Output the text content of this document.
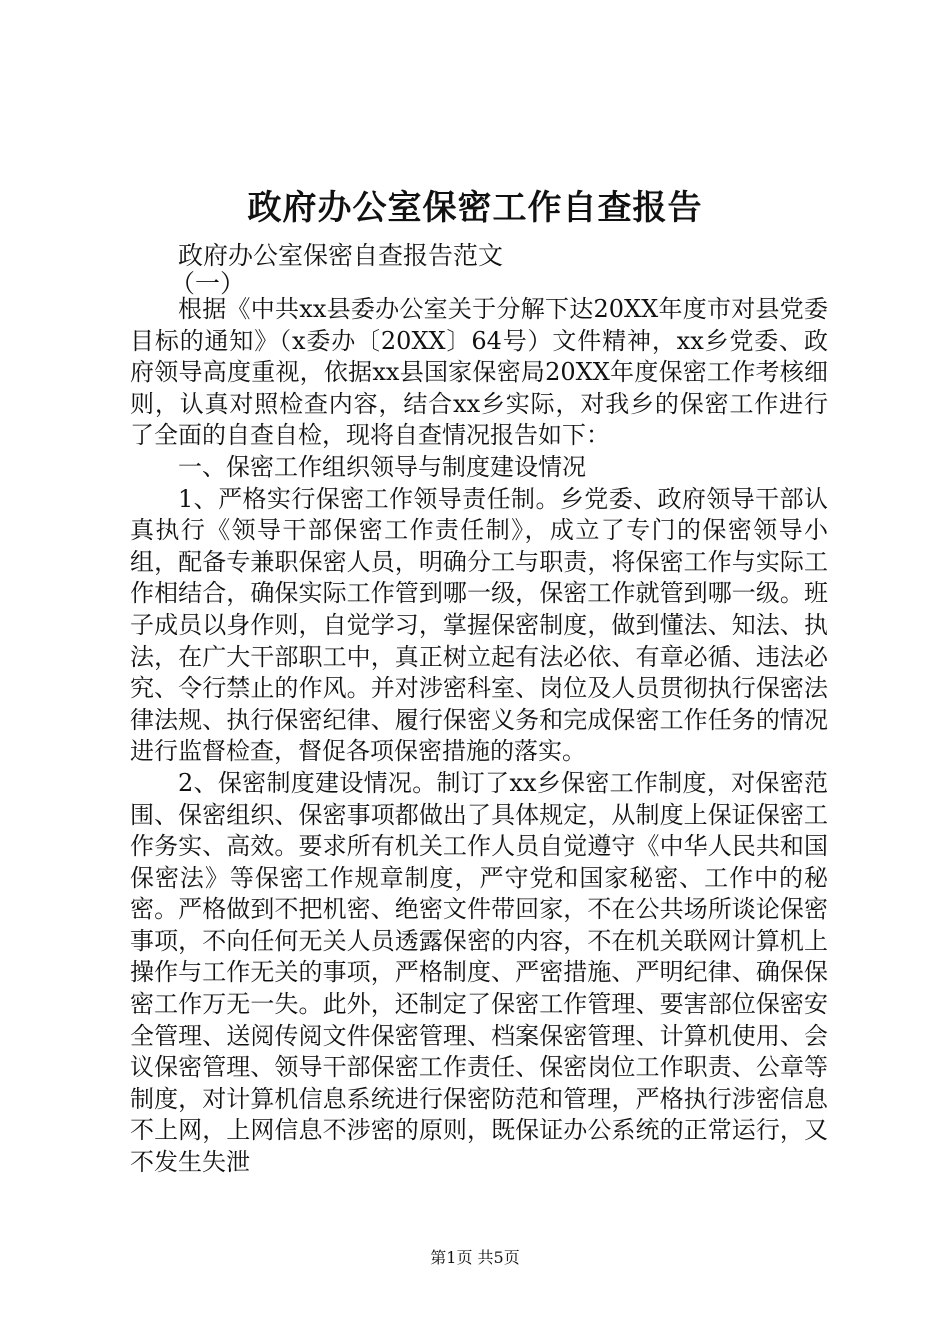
政府办公室保密工作自查报告
政府办公室保密自查报告范文
（一）

根据《中共xx县委办公室关于分解下达20XX年度市对县党委目标的通知》（x委办〔20XX〕64号）文件精神，xx乡党委、政府领导高度重视，依据xx县国家保密局20XX年度保密工作考核细则，认真对照检查内容，结合xx乡实际，对我乡的保密工作进行了全面的自查自检，现将自查情况报告如下：

一、保密工作组织领导与制度建设情况

1、严格实行保密工作领导责任制。乡党委、政府领导干部认真执行《领导干部保密工作责任制》，成立了专门的保密领导小组，配备专兼职保密人员，明确分工与职责，将保密工作与实际工作相结合，确保实际工作管到哪一级，保密工作就管到哪一级。班子成员以身作则，自觉学习，掌握保密制度，做到懂法、知法、执法，在广大干部职工中，真正树立起有法必依、有章必循、违法必究、令行禁止的作风。并对涉密科室、岗位及人员贯彻执行保密法律法规、执行保密纪律、履行保密义务和完成保密工作任务的情况进行监督检查，督促各项保密措施的落实。

2、保密制度建设情况。制订了xx乡保密工作制度，对保密范围、保密组织、保密事项都做出了具体规定，从制度上保证保密工作务实、高效。要求所有机关工作人员自觉遵守《中华人民共和国保密法》等保密工作规章制度，严守党和国家秘密、工作中的秘密。严格做到不把机密、绝密文件带回家，不在公共场所谈论保密事项，不向任何无关人员透露保密的内容，不在机关联网计算机上操作与工作无关的事项，严格制度、严密措施、严明纪律、确保保密工作万无一失。此外，还制定了保密工作管理、要害部位保密安全管理、送阅传阅文件保密管理、档案保密管理、计算机使用、会议保密管理、领导干部保密工作责任、保密岗位工作职责、公章等制度，对计算机信息系统进行保密防范和管理，严格执行涉密信息不上网，上网信息不涉密的原则，既保证办公系统的正常运行，又不发生失泄

第1页 共5页
